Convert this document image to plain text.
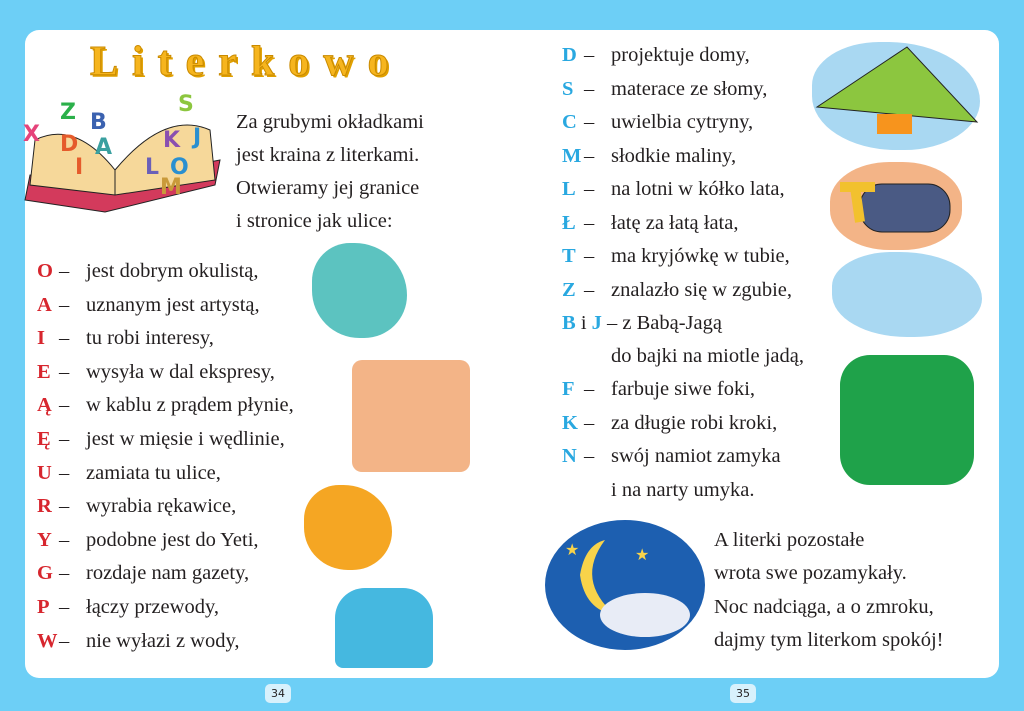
Literkowo
Z B
X D A
I
S
K J
L O
M
Za grubymi okładkami
jest kraina z literkami.
Otwieramy jej granice
i stronice jak ulice:
O – jest dobrym okulistą,
A – uznanym jest artystą,
I – tu robi interesy,
E – wysyła w dal ekspresy,
Ą – w kablu z prądem płynie,
Ę – jest w mięsie i wędlinie,
U – zamiata tu ulice,
R – wyrabia rękawice,
Y – podobne jest do Yeti,
G – rozdaje nam gazety,
P – łączy przewody,
W – nie wyłazi z wody,
D – projektuje domy,
S – materace ze słomy,
C – uwielbia cytryny,
M – słodkie maliny,
L – na lotni w kółko lata,
Ł – łatę za łatą łata,
T – ma kryjówkę w tubie,
Z – znalazło się w zgubie,
F – farbuje siwe foki,
K – za długie robi kroki,
N – swój namiot zamyka
B i J – z Babą-Jagą
do bajki na miotle jadą,
i na narty umyka.
A literki pozostałe
wrota swe pozamykały.
Noc nadciąga, a o zmroku,
dajmy tym literkom spokój!
★	★
34	35
